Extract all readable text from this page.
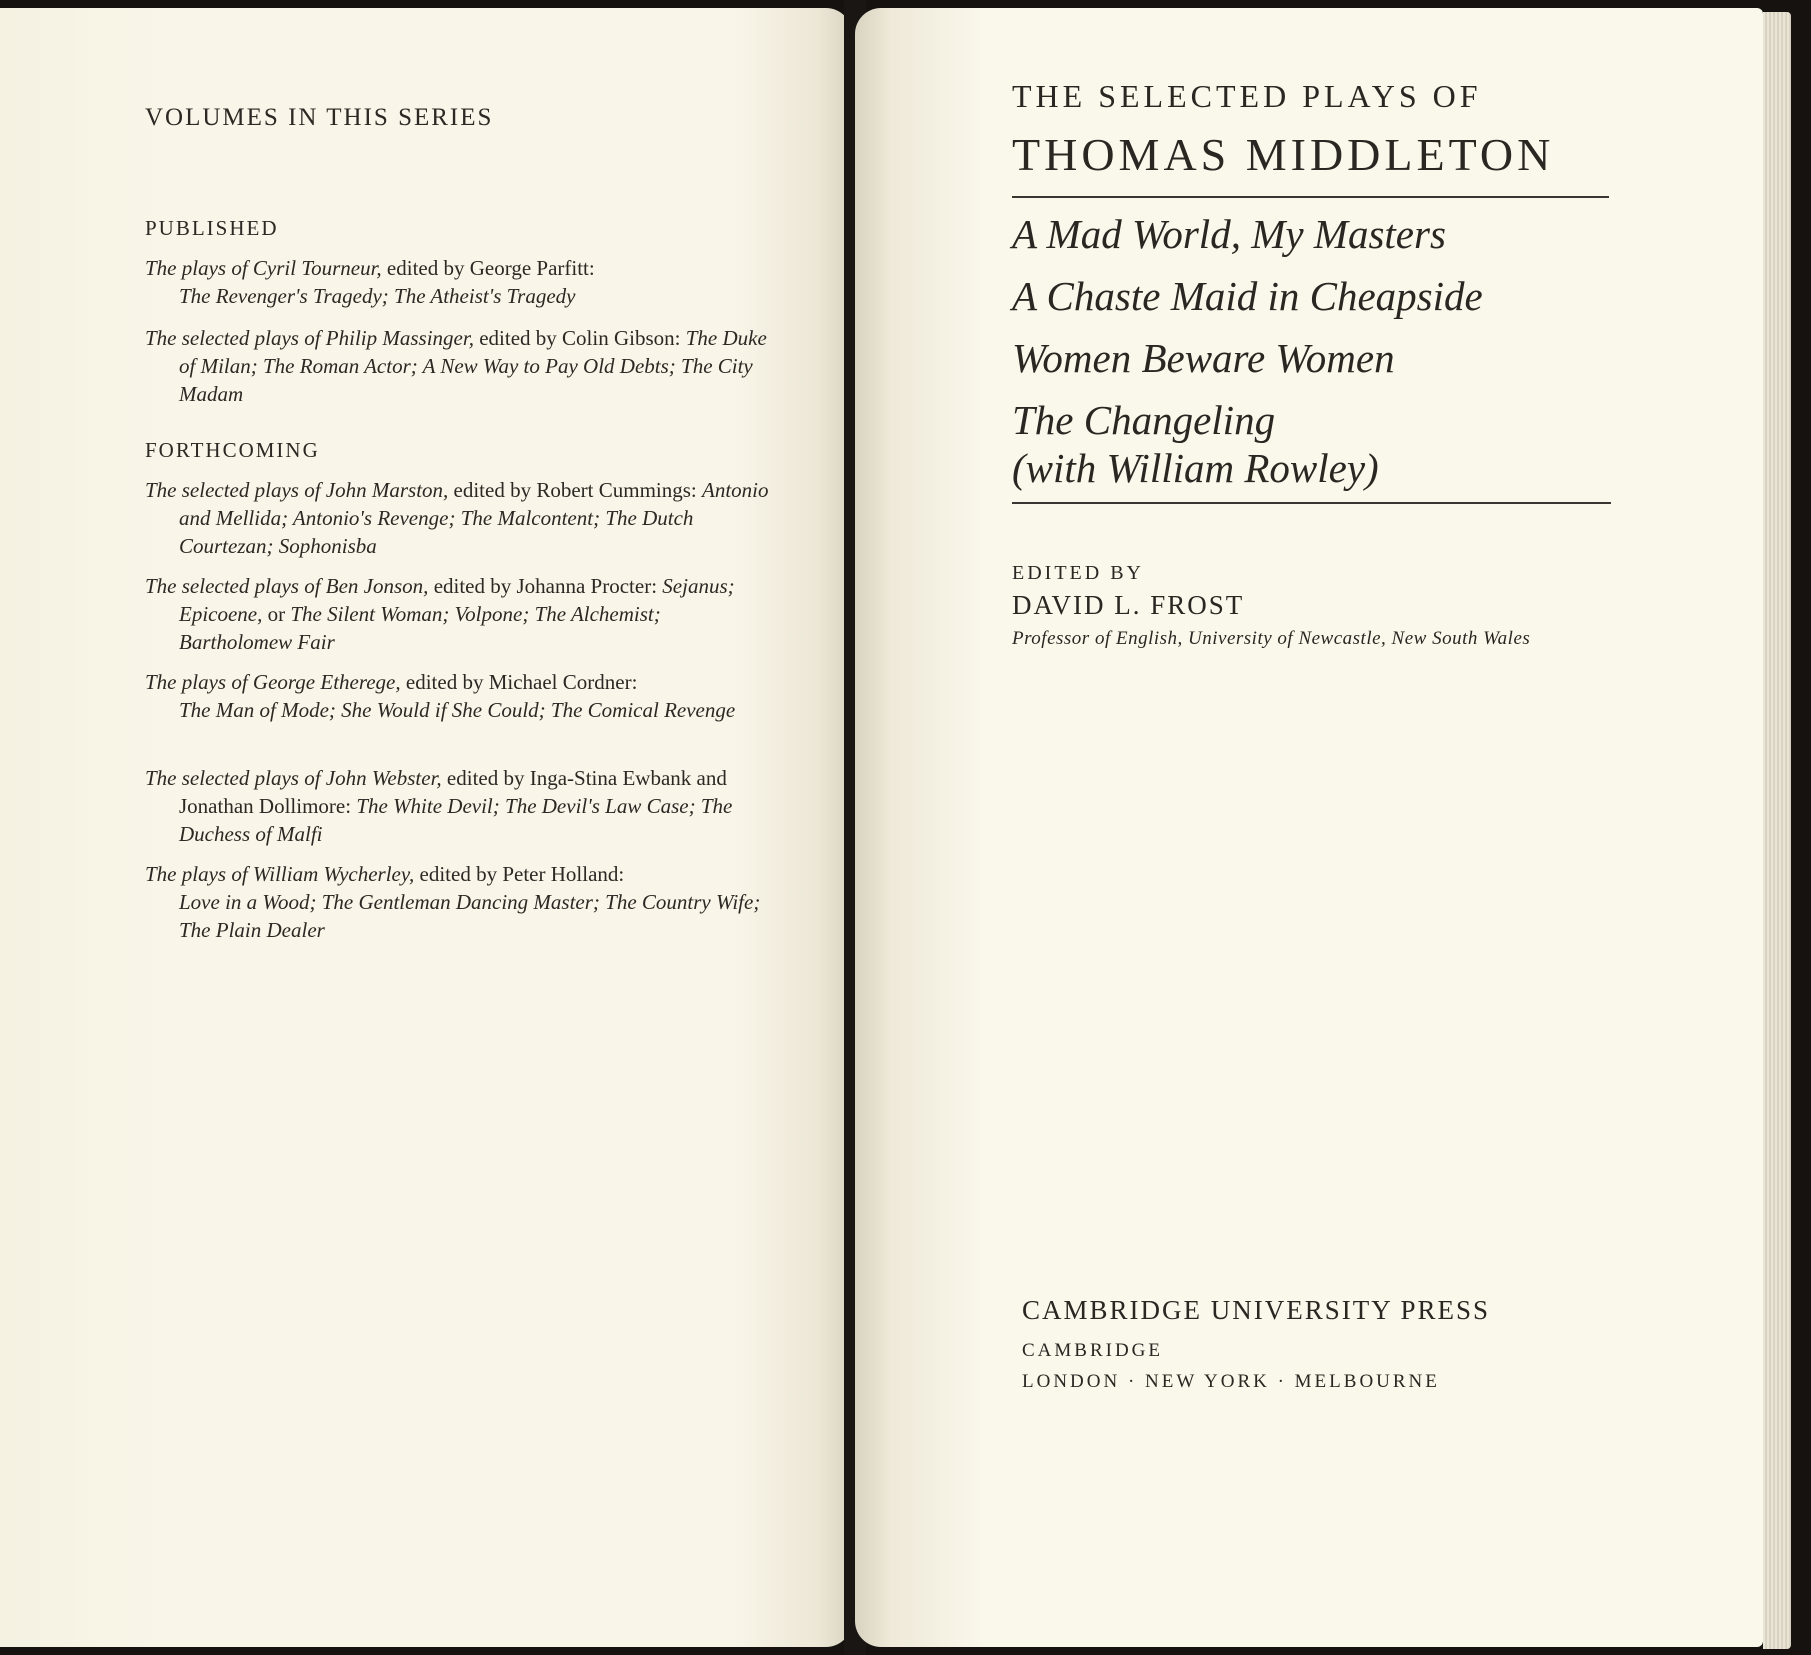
VOLUMES IN THIS SERIES
PUBLISHED
The plays of Cyril Tourneur, edited by George Parfitt:
The Revenger's Tragedy; The Atheist's Tragedy
The selected plays of Philip Massinger, edited by Colin Gibson: The Duke of Milan; The Roman Actor; A New Way to Pay Old Debts; The City Madam
FORTHCOMING
The selected plays of John Marston, edited by Robert Cummings: Antonio and Mellida; Antonio's Revenge; The Malcontent; The Dutch Courtezan; Sophonisba
The selected plays of Ben Jonson, edited by Johanna Procter: Sejanus; Epicoene, or The Silent Woman; Volpone; The Alchemist; Bartholomew Fair
The plays of George Etherege, edited by Michael Cordner:
The Man of Mode; She Would if She Could; The Comical Revenge
The selected plays of John Webster, edited by Inga-Stina Ewbank and Jonathan Dollimore: The White Devil; The Devil's Law Case; The Duchess of Malfi
The plays of William Wycherley, edited by Peter Holland:
Love in a Wood; The Gentleman Dancing Master; The Country Wife; The Plain Dealer
THE SELECTED PLAYS OF
THOMAS MIDDLETON
A Mad World, My Masters
A Chaste Maid in Cheapside
Women Beware Women
The Changeling
(with William Rowley)
EDITED BY
DAVID L. FROST
Professor of English, University of Newcastle, New South Wales
CAMBRIDGE UNIVERSITY PRESS
CAMBRIDGE
LONDON · NEW YORK · MELBOURNE
